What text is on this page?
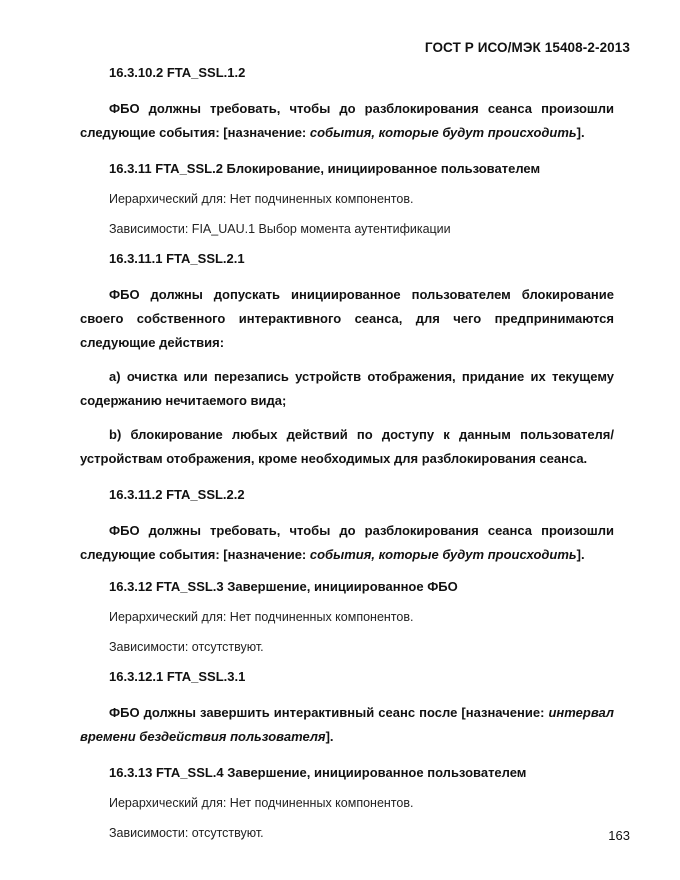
ГОСТ Р ИСО/МЭК 15408-2-2013
16.3.10.2 FTA_SSL.1.2

ФБО должны требовать, чтобы до разблокирования сеанса произошли следующие события: [назначение: события, которые будут происходить].

16.3.11 FTA_SSL.2 Блокирование, инициированное пользователем
Иерархический для: Нет подчиненных компонентов.
Зависимости: FIA_UAU.1 Выбор момента аутентификации
16.3.11.1 FTA_SSL.2.1

ФБО должны допускать инициированное пользователем блокирование своего собственного интерактивного сеанса, для чего предпринимаются следующие действия:

а) очистка или перезапись устройств отображения, придание их текущему содержанию нечитаемого вида;

b) блокирование любых действий по доступу к данным пользователя/устройствам отображения, кроме необходимых для разблокирования сеанса.

16.3.11.2 FTA_SSL.2.2

ФБО должны требовать, чтобы до разблокирования сеанса произошли следующие события: [назначение: события, которые будут происходить].

16.3.12 FTA_SSL.3 Завершение, инициированное ФБО
Иерархический для: Нет подчиненных компонентов.
Зависимости: отсутствуют.
16.3.12.1 FTA_SSL.3.1

ФБО должны завершить интерактивный сеанс после [назначение: интервал времени бездействия пользователя].

16.3.13 FTA_SSL.4 Завершение, инициированное пользователем
Иерархический для: Нет подчиненных компонентов.
Зависимости: отсутствуют.	163
